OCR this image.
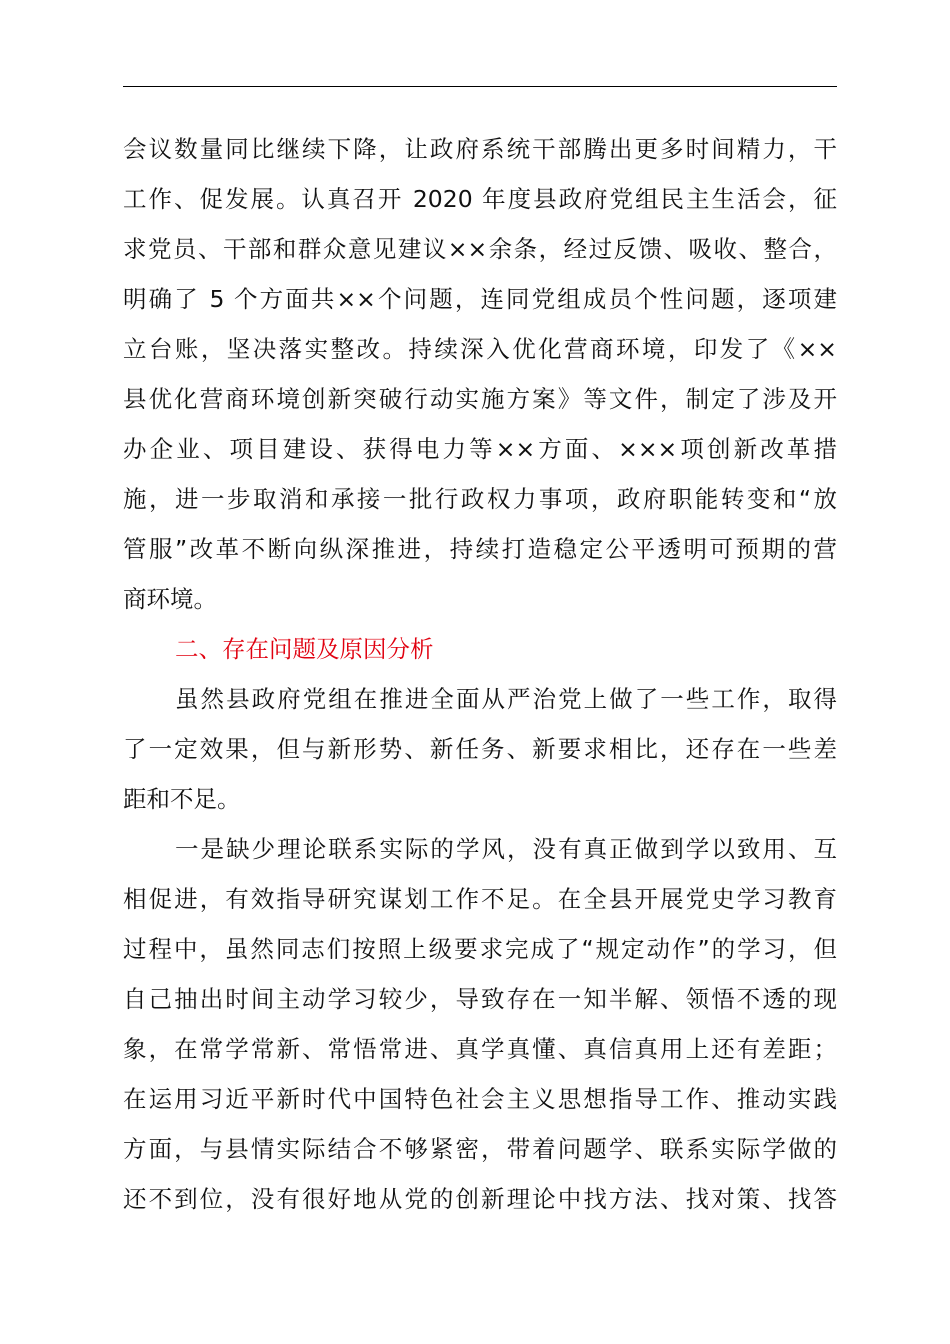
会议数量同比继续下降，让政府系统干部腾出更多时间精力，干
工作、促发展。认真召开 2020 年度县政府党组民主生活会，征
求党员、干部和群众意见建议××余条，经过反馈、吸收、整合，
明确了 5 个方面共××个问题，连同党组成员个性问题，逐项建
立台账，坚决落实整改。持续深入优化营商环境，印发了《××
县优化营商环境创新突破行动实施方案》等文件，制定了涉及开
办企业、项目建设、获得电力等××方面、×××项创新改革措
施，进一步取消和承接一批行政权力事项，政府职能转变和“放
管服”改革不断向纵深推进，持续打造稳定公平透明可预期的营
商环境。
二、存在问题及原因分析
虽然县政府党组在推进全面从严治党上做了一些工作，取得
了一定效果，但与新形势、新任务、新要求相比，还存在一些差
距和不足。
一是缺少理论联系实际的学风，没有真正做到学以致用、互
相促进，有效指导研究谋划工作不足。在全县开展党史学习教育
过程中，虽然同志们按照上级要求完成了“规定动作”的学习，但
自己抽出时间主动学习较少，导致存在一知半解、领悟不透的现
象，在常学常新、常悟常进、真学真懂、真信真用上还有差距；
在运用习近平新时代中国特色社会主义思想指导工作、推动实践
方面，与县情实际结合不够紧密，带着问题学、联系实际学做的
还不到位，没有很好地从党的创新理论中找方法、找对策、找答
